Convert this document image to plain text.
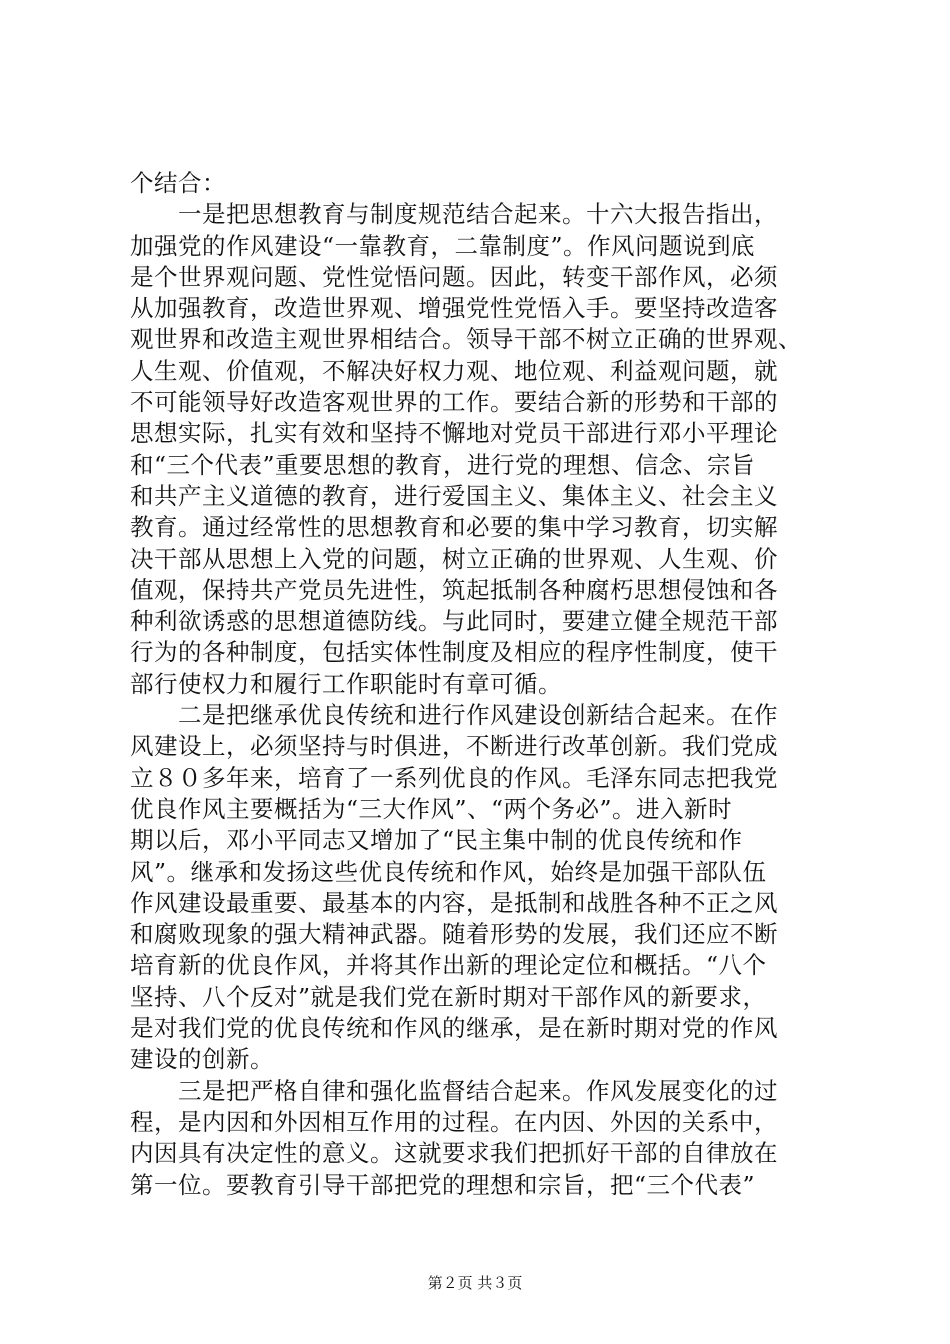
个结合：
一是把思想教育与制度规范结合起来。十六大报告指出，
加强党的作风建设“一靠教育，二靠制度”。作风问题说到底
是个世界观问题、党性觉悟问题。因此，转变干部作风，必须
从加强教育，改造世界观、增强党性党悟入手。要坚持改造客
观世界和改造主观世界相结合。领导干部不树立正确的世界观、
人生观、价值观，不解决好权力观、地位观、利益观问题，就
不可能领导好改造客观世界的工作。要结合新的形势和干部的
思想实际，扎实有效和坚持不懈地对党员干部进行邓小平理论
和“三个代表”重要思想的教育，进行党的理想、信念、宗旨
和共产主义道德的教育，进行爱国主义、集体主义、社会主义
教育。通过经常性的思想教育和必要的集中学习教育，切实解
决干部从思想上入党的问题，树立正确的世界观、人生观、价
值观，保持共产党员先进性，筑起抵制各种腐朽思想侵蚀和各
种利欲诱惑的思想道德防线。与此同时，要建立健全规范干部
行为的各种制度，包括实体性制度及相应的程序性制度，使干
部行使权力和履行工作职能时有章可循。
二是把继承优良传统和进行作风建设创新结合起来。在作
风建设上，必须坚持与时俱进，不断进行改革创新。我们党成
立８０多年来，培育了一系列优良的作风。毛泽东同志把我党
优良作风主要概括为“三大作风”、“两个务必”。进入新时
期以后，邓小平同志又增加了“民主集中制的优良传统和作
风”。继承和发扬这些优良传统和作风，始终是加强干部队伍
作风建设最重要、最基本的内容，是抵制和战胜各种不正之风
和腐败现象的强大精神武器。随着形势的发展，我们还应不断
培育新的优良作风，并将其作出新的理论定位和概括。“八个
坚持、八个反对”就是我们党在新时期对干部作风的新要求，
是对我们党的优良传统和作风的继承，是在新时期对党的作风
建设的创新。
三是把严格自律和强化监督结合起来。作风发展变化的过
程，是内因和外因相互作用的过程。在内因、外因的关系中，
内因具有决定性的意义。这就要求我们把抓好干部的自律放在
第一位。要教育引导干部把党的理想和宗旨，把“三个代表”
第２页 共３页
